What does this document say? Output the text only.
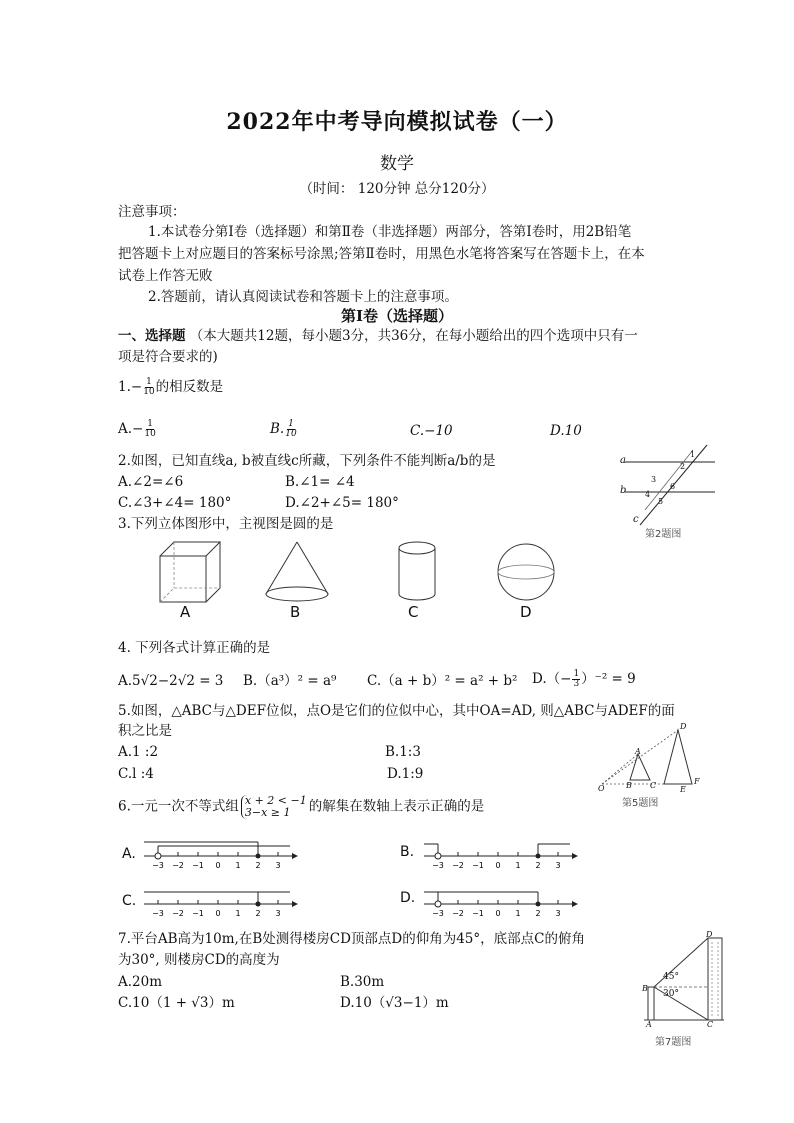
2022年中考导向模拟试卷（一）
数学
（时间： 120分钟 总分120分）
注意事项：
1.本试卷分第Ⅰ卷（选择题）和第Ⅱ卷（非选择题）两部分，答第Ⅰ卷时，用2B铅笔
把答题卡上对应题目的答案标号涂黑;答第Ⅱ卷时，用黑色水笔将答案写在答题卡上，在本
试卷上作答无败
2.答题前，请认真阅读试卷和答题卡上的注意事项。
第Ⅰ卷（选择题）
一、选择题 （本大题共12题，每小题3分，共36分，在每小题给出的四个选项中只有一
项是符合要求的)
$1.- \frac{1}{10}$ 的相反数是
$A.- \frac{1}{10}$	B. $\frac{1}{10}$	C.−10	D.10
2.如图，已知直线a, b被直线c所藏，下列条件不能判断a/b的是
A.∠2=∠6	B.∠1= ∠4
C.∠3+∠4= 180°	D.∠2+∠5= 180°
a
b
c
1
2
3
4
5
6
第2题图
3.下列立体图形中，主视图是圆的是
A	B	C	D
4. 下列各式计算正确的是
A.5√2−2√2 = 3 B.（a³）² = a⁹ C.（a + b）² = a² + b² $D.(- \frac{1}{3} )^{-2} = 9$
5.如图，△ABC与△DEF位似，点O是它们的位似中心，其中OA=AD, 则△ABC与ADEF的面
积之比是
A.1 :2	B.1:3
C.l :4	D.1:9
O
A
B C
D
E
F
第5题图
6.一元一次不等式组 x + 2 < −1
3−x ≥ 1	的解集在数轴上表示正确的是
A.	B.
C.	D.
−3 −2 −1 0 1 2 3	−3 −2 −1 0 1 2 3
−3 −2 −1 0 1 2 3	−3 −2 −1 0 1 2 3
7.平台AB高为10m,在B处测得楼房CD顶部点D的仰角为45°，底部点C的俯角
为30°, 则楼房CD的高度为
A.20m	B.30m
C.10（1 + √3）m	D.10（√3−1）m
45°
30°
A
B
C
D
第7题图
